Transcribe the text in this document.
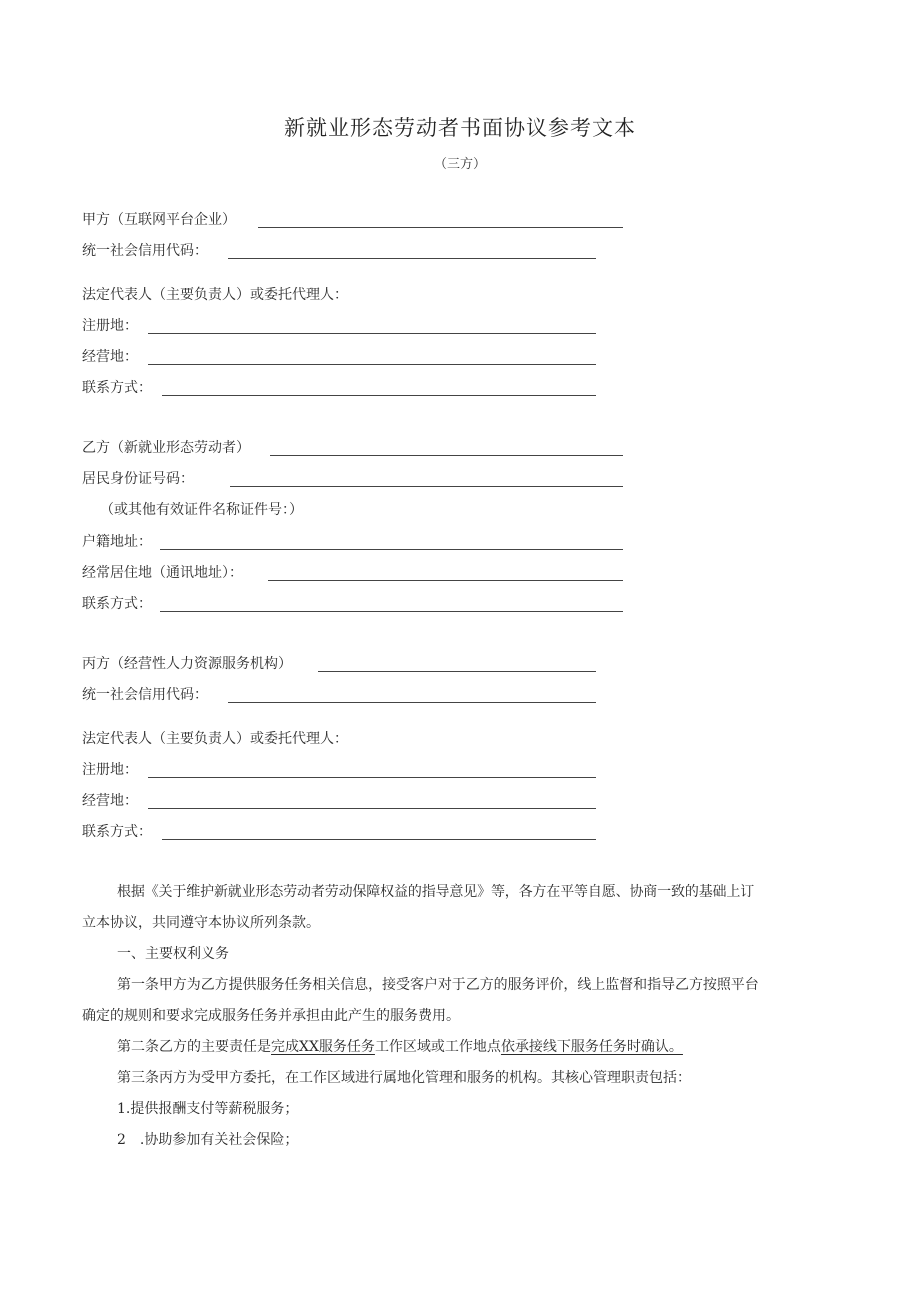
新就业形态劳动者书面协议参考文本
（三方）
甲方（互联网平台企业）
统一社会信用代码：
法定代表人（主要负责人）或委托代理人：
注册地：
经营地：
联系方式：
乙方（新就业形态劳动者）
居民身份证号码：
（或其他有效证件名称证件号：）
户籍地址：
经常居住地（通讯地址）：
联系方式：
丙方（经营性人力资源服务机构）
统一社会信用代码：
法定代表人（主要负责人）或委托代理人：
注册地：
经营地：
联系方式：
根据《关于维护新就业形态劳动者劳动保障权益的指导意见》等，各方在平等自愿、协商一致的基础上订
立本协议，共同遵守本协议所列条款。
一、主要权利义务
第一条甲方为乙方提供服务任务相关信息，接受客户对于乙方的服务评价，线上监督和指导乙方按照平台
确定的规则和要求完成服务任务并承担由此产生的服务费用。
第二条乙方的主要责任是完成XX服务任务工作区域或工作地点依承接线下服务任务时确认。
第三条丙方为受甲方委托，在工作区域进行属地化管理和服务的机构。其核心管理职责包括：
1.提供报酬支付等薪税服务；
2 .协助参加有关社会保险；
